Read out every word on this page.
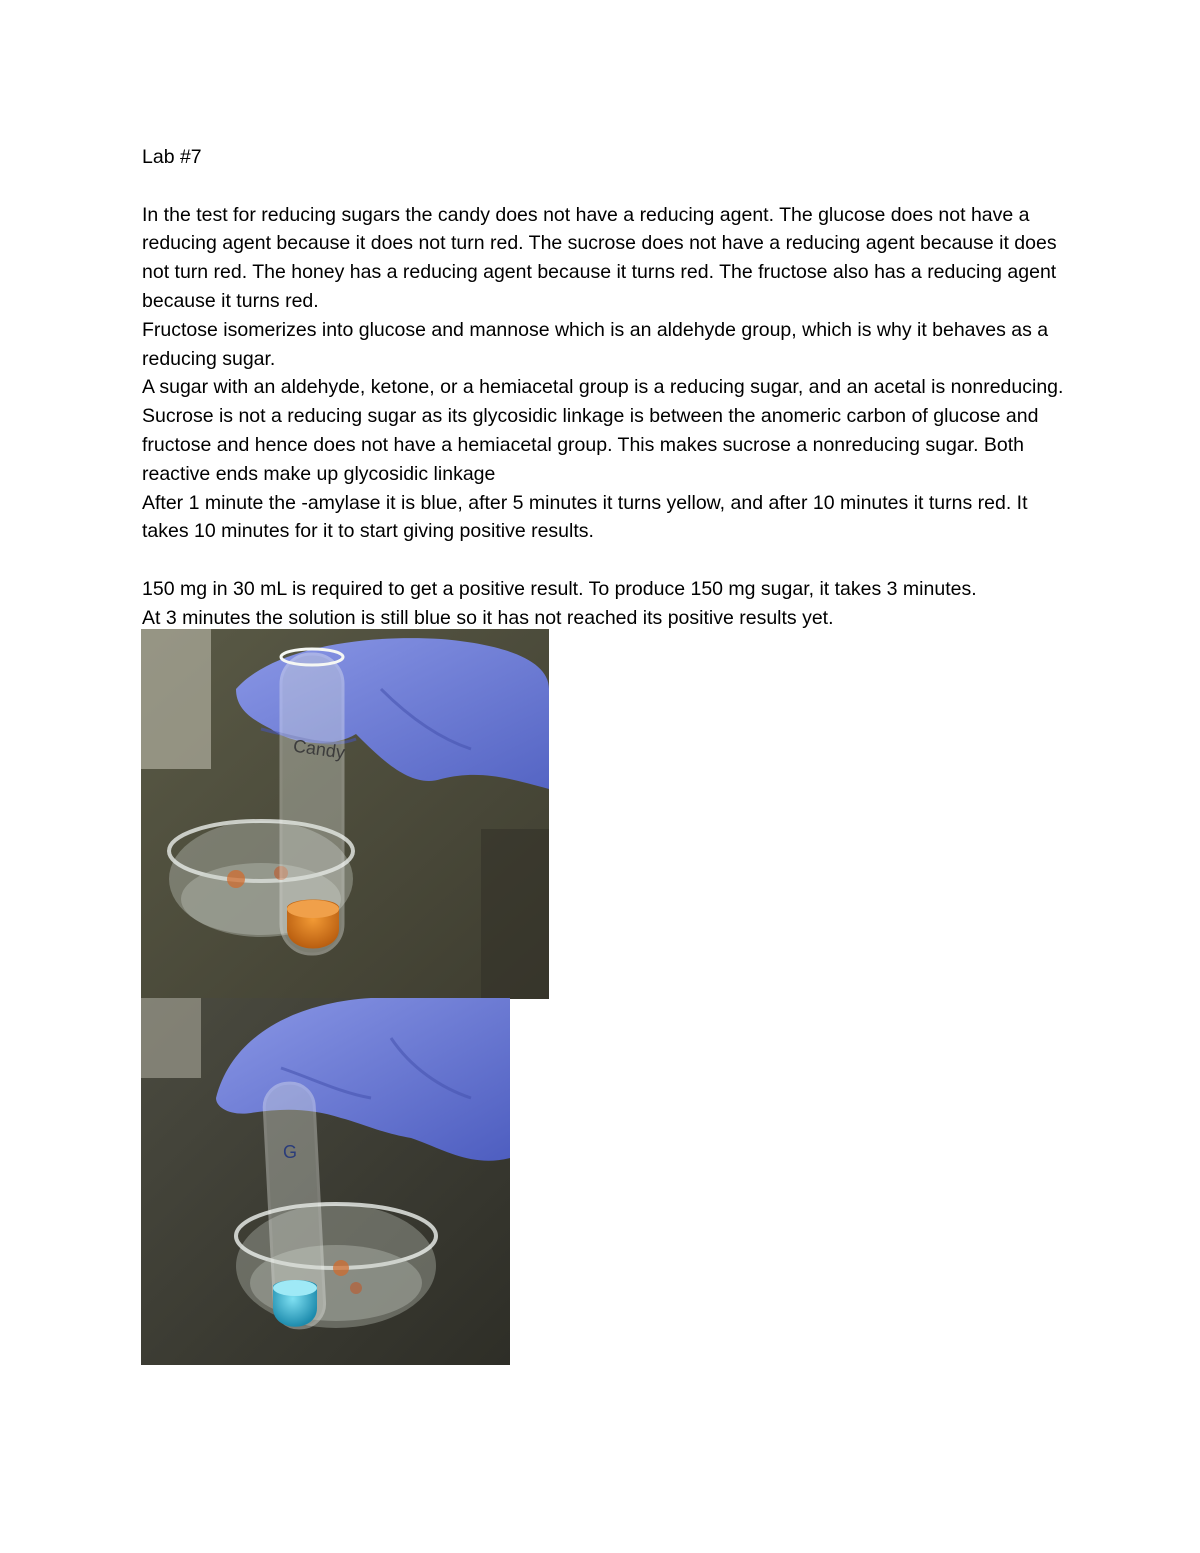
Lab #7

In the test for reducing sugars the candy does not have a reducing agent. The glucose does not have a reducing agent because it does not turn red. The sucrose does not have a reducing agent because it does not turn red. The honey has a reducing agent because it turns red. The fructose also has a reducing agent because it turns red.

Fructose isomerizes into glucose and mannose which is an aldehyde group, which is why it behaves as a reducing sugar.

A sugar with an aldehyde, ketone, or a hemiacetal group is a reducing sugar, and an acetal is nonreducing. Sucrose is not a reducing sugar as its glycosidic linkage is between the anomeric carbon of glucose and fructose and hence does not have a hemiacetal group. This makes sucrose a nonreducing sugar. Both reactive ends make up glycosidic linkage

After 1 minute the -amylase it is blue, after 5 minutes it turns yellow, and after 10 minutes it turns red. It takes 10 minutes for it to start giving positive results.

150 mg in 30 mL is required to get a positive result. To produce 150 mg sugar, it takes 3 minutes.

At 3 minutes the solution is still blue so it has not reached its positive results yet.

Candy
G
